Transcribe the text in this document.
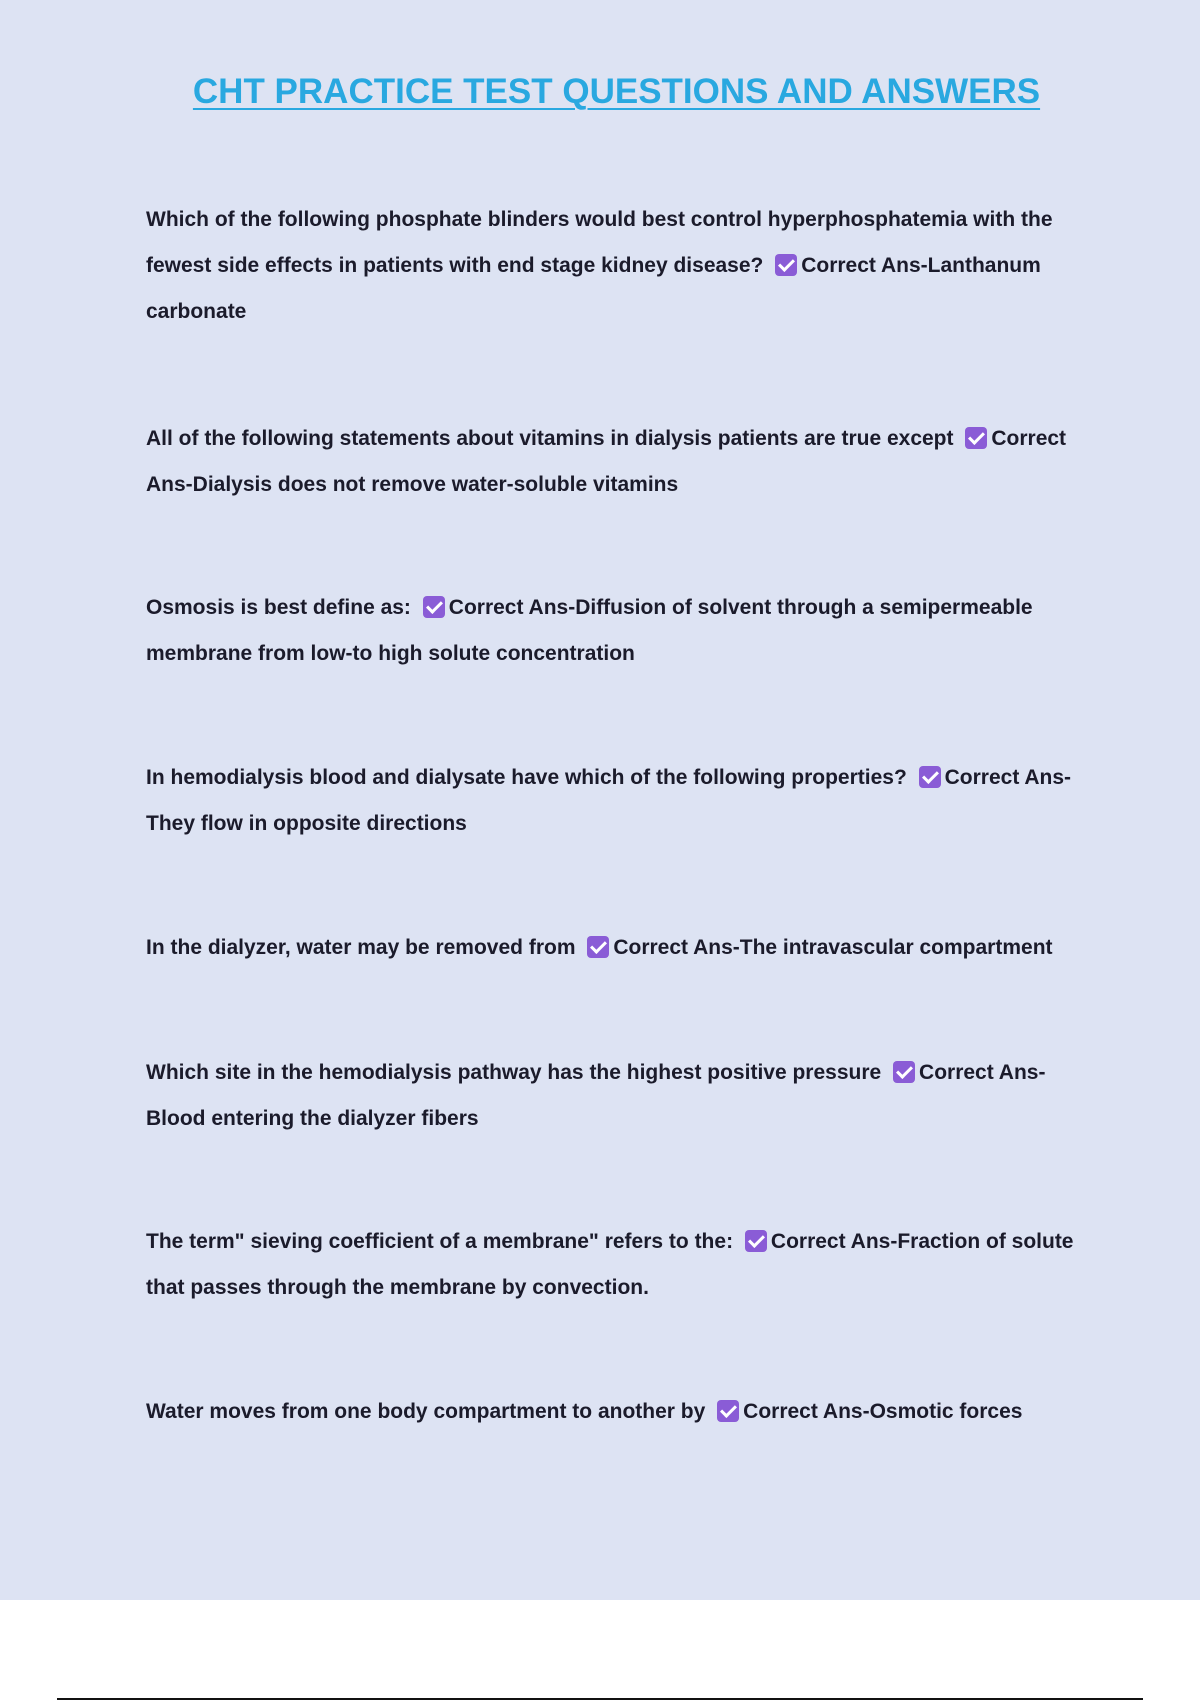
CHT PRACTICE TEST QUESTIONS AND ANSWERS

Which of the following phosphate blinders would best control hyperphosphatemia with the fewest side effects in patients with end stage kidney disease? Correct Ans-Lanthanum carbonate

All of the following statements about vitamins in dialysis patients are true except Correct Ans-Dialysis does not remove water-soluble vitamins

Osmosis is best define as: Correct Ans-Diffusion of solvent through a semipermeable membrane from low-to high solute concentration

In hemodialysis blood and dialysate have which of the following properties? Correct Ans-They flow in opposite directions

In the dialyzer, water may be removed from Correct Ans-The intravascular compartment

Which site in the hemodialysis pathway has the highest positive pressure Correct Ans-Blood entering the dialyzer fibers

The term" sieving coefficient of a membrane" refers to the: Correct Ans-Fraction of solute that passes through the membrane by convection.

Water moves from one body compartment to another by Correct Ans-Osmotic forces
